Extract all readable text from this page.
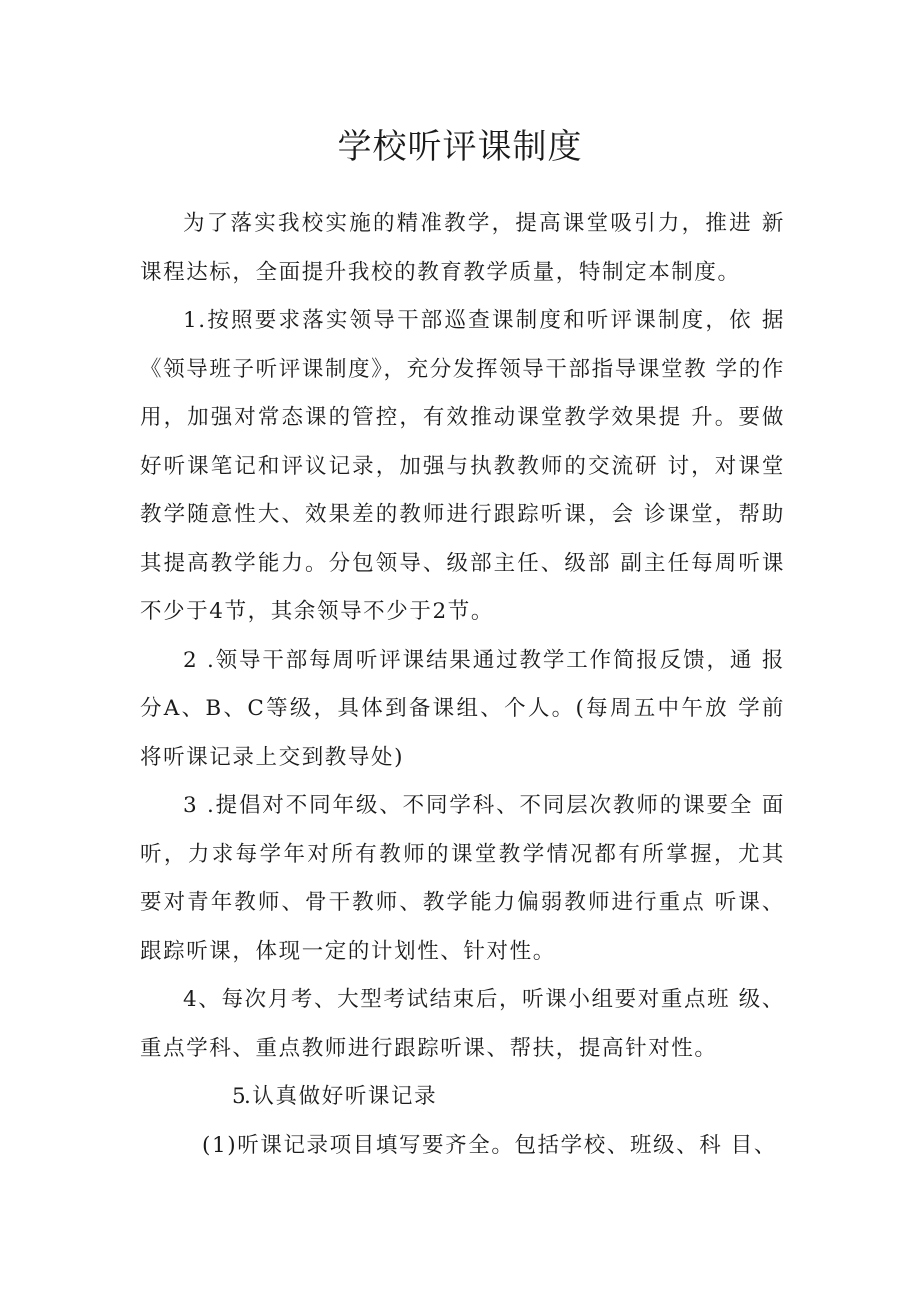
学校听评课制度

为了落实我校实施的精准教学，提高课堂吸引力，推进 新课程达标，全面提升我校的教育教学质量，特制定本制度。

1.按照要求落实领导干部巡查课制度和听评课制度，依 据《领导班子听评课制度》，充分发挥领导干部指导课堂教 学的作用，加强对常态课的管控，有效推动课堂教学效果提 升。要做好听课笔记和评议记录，加强与执教教师的交流研 讨，对课堂教学随意性大、效果差的教师进行跟踪听课，会 诊课堂，帮助其提高教学能力。分包领导、级部主任、级部 副主任每周听课不少于4节，其余领导不少于2节。

2 .领导干部每周听评课结果通过教学工作简报反馈，通 报分A、B、C等级，具体到备课组、个人。(每周五中午放 学前将听课记录上交到教导处)

3 .提倡对不同年级、不同学科、不同层次教师的课要全 面听，力求每学年对所有教师的课堂教学情况都有所掌握，尤其要对青年教师、骨干教师、教学能力偏弱教师进行重点 听课、跟踪听课，体现一定的计划性、针对性。

4、每次月考、大型考试结束后，听课小组要对重点班 级、重点学科、重点教师进行跟踪听课、帮扶，提高针对性。

5.认真做好听课记录

(1)听课记录项目填写要齐全。包括学校、班级、科 目、
